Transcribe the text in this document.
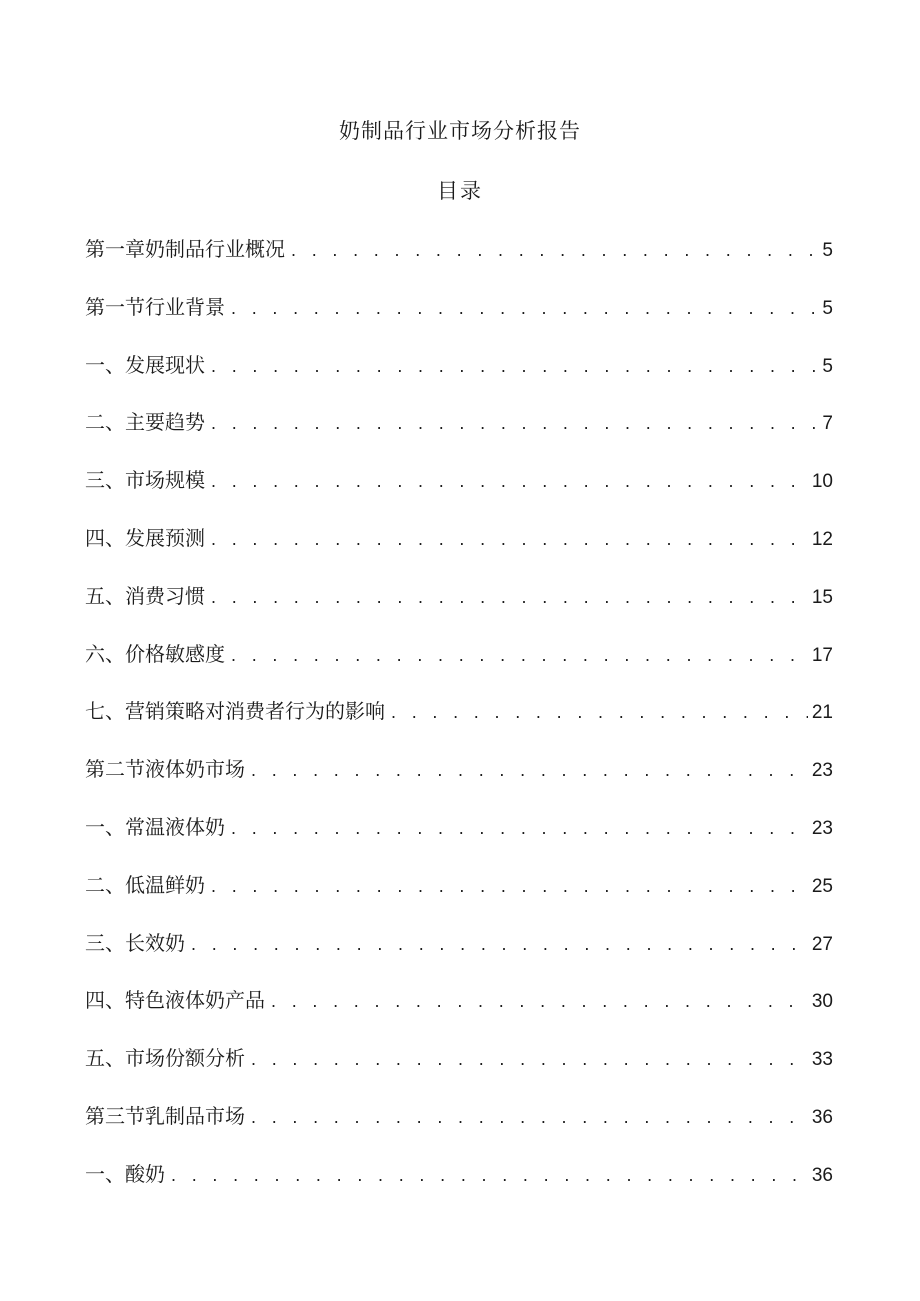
奶制品行业市场分析报告
目录
第一章奶制品行业概况 . . .	5
第一节行业背景 . . .	5
一、发展现状 . . .	5
二、主要趋势 . . .	7
三、市场规模 . . .	10
四、发展预测 . . .	12
五、消费习惯 . . .	15
六、价格敏感度 . . .	17
七、营销策略对消费者行为的影响 . . .	21
第二节液体奶市场 . . .	23
一、常温液体奶 . . .	23
二、低温鲜奶 . . .	25
三、长效奶 . . .	27
四、特色液体奶产品 . . .	30
五、市场份额分析 . . .	33
第三节乳制品市场 . . .	36
一、酸奶 . . .	36
